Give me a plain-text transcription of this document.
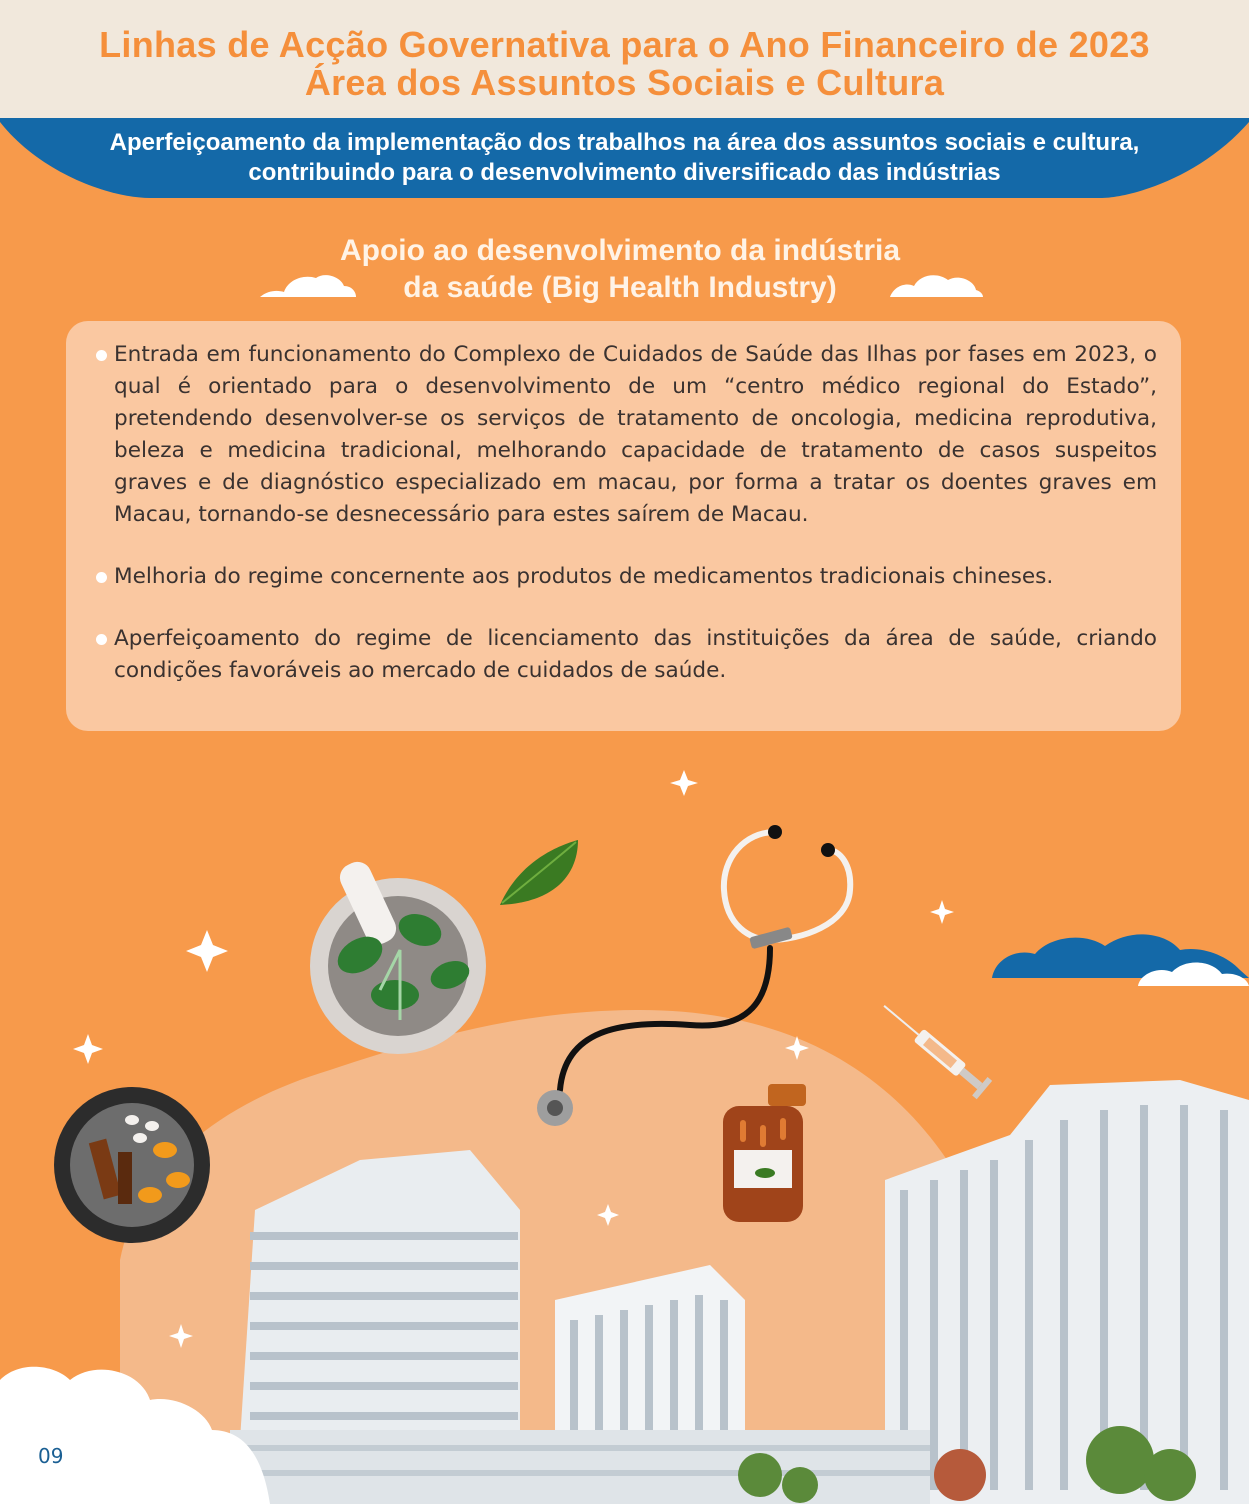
Linhas de Acção Governativa para o Ano Financeiro de 2023
Área dos Assuntos Sociais e Cultura
Aperfeiçoamento da implementação dos trabalhos na área dos assuntos sociais e cultura,
contribuindo para o desenvolvimento diversificado das indústrias
Apoio ao desenvolvimento da indústria
da saúde (Big Health Industry)
Entrada em funcionamento do Complexo de Cuidados de Saúde das Ilhas por fases em 2023, o qual é orientado para o desenvolvimento de um “centro médico regional do Estado”, pretendendo desenvolver-se os serviços de tratamento de oncologia, medicina reprodutiva, beleza e medicina tradicional, melhorando capacidade de tratamento de casos suspeitos graves e de diagnóstico especializado em macau, por forma a tratar os doentes graves em Macau, tornando-se desnecessário para estes saírem de Macau.
Melhoria do regime concernente aos produtos de medicamentos tradicionais chineses.
Aperfeiçoamento do regime de licenciamento das instituições da área de saúde, criando condições favoráveis ao mercado de cuidados de saúde.
09
